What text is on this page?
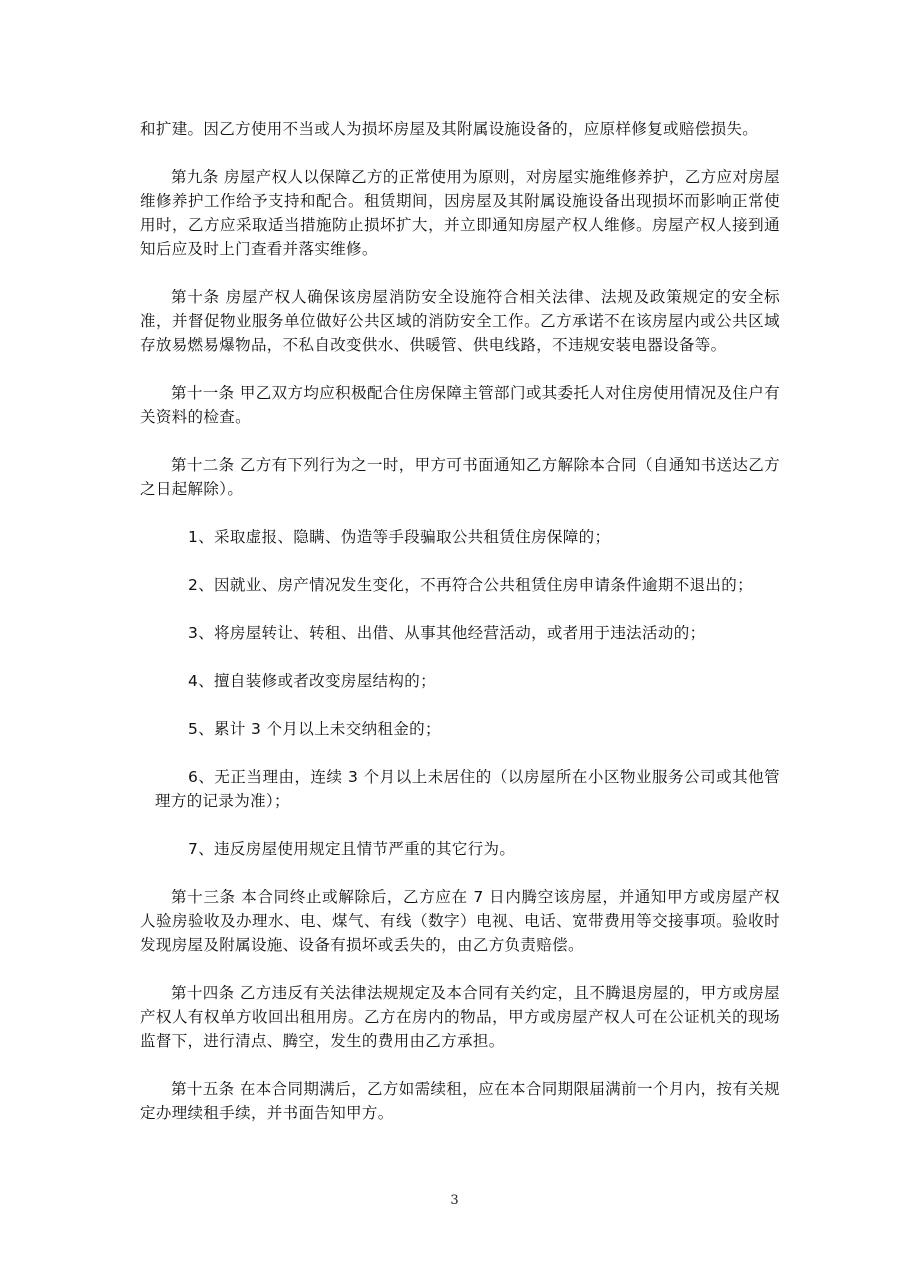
和扩建。因乙方使用不当或人为损坏房屋及其附属设施设备的，应原样修复或赔偿损失。

第九条 房屋产权人以保障乙方的正常使用为原则，对房屋实施维修养护，乙方应对房屋维修养护工作给予支持和配合。租赁期间，因房屋及其附属设施设备出现损坏而影响正常使用时，乙方应采取适当措施防止损坏扩大，并立即通知房屋产权人维修。房屋产权人接到通知后应及时上门查看并落实维修。

第十条 房屋产权人确保该房屋消防安全设施符合相关法律、法规及政策规定的安全标准，并督促物业服务单位做好公共区域的消防安全工作。乙方承诺不在该房屋内或公共区域存放易燃易爆物品，不私自改变供水、供暖管、供电线路，不违规安装电器设备等。

第十一条 甲乙双方均应积极配合住房保障主管部门或其委托人对住房使用情况及住户有关资料的检查。

第十二条 乙方有下列行为之一时，甲方可书面通知乙方解除本合同（自通知书送达乙方之日起解除）。

1、采取虚报、隐瞒、伪造等手段骗取公共租赁住房保障的；

2、因就业、房产情况发生变化，不再符合公共租赁住房申请条件逾期不退出的；

3、将房屋转让、转租、出借、从事其他经营活动，或者用于违法活动的；

4、擅自装修或者改变房屋结构的；

5、累计 3 个月以上未交纳租金的；

6、无正当理由，连续 3 个月以上未居住的（以房屋所在小区物业服务公司或其他管理方的记录为准）；

7、违反房屋使用规定且情节严重的其它行为。

第十三条 本合同终止或解除后，乙方应在 7 日内腾空该房屋，并通知甲方或房屋产权人验房验收及办理水、电、煤气、有线（数字）电视、电话、宽带费用等交接事项。验收时发现房屋及附属设施、设备有损坏或丢失的，由乙方负责赔偿。

第十四条 乙方违反有关法律法规规定及本合同有关约定，且不腾退房屋的，甲方或房屋产权人有权单方收回出租用房。乙方在房内的物品，甲方或房屋产权人可在公证机关的现场监督下，进行清点、腾空，发生的费用由乙方承担。

第十五条 在本合同期满后，乙方如需续租，应在本合同期限届满前一个月内，按有关规定办理续租手续，并书面告知甲方。

3
